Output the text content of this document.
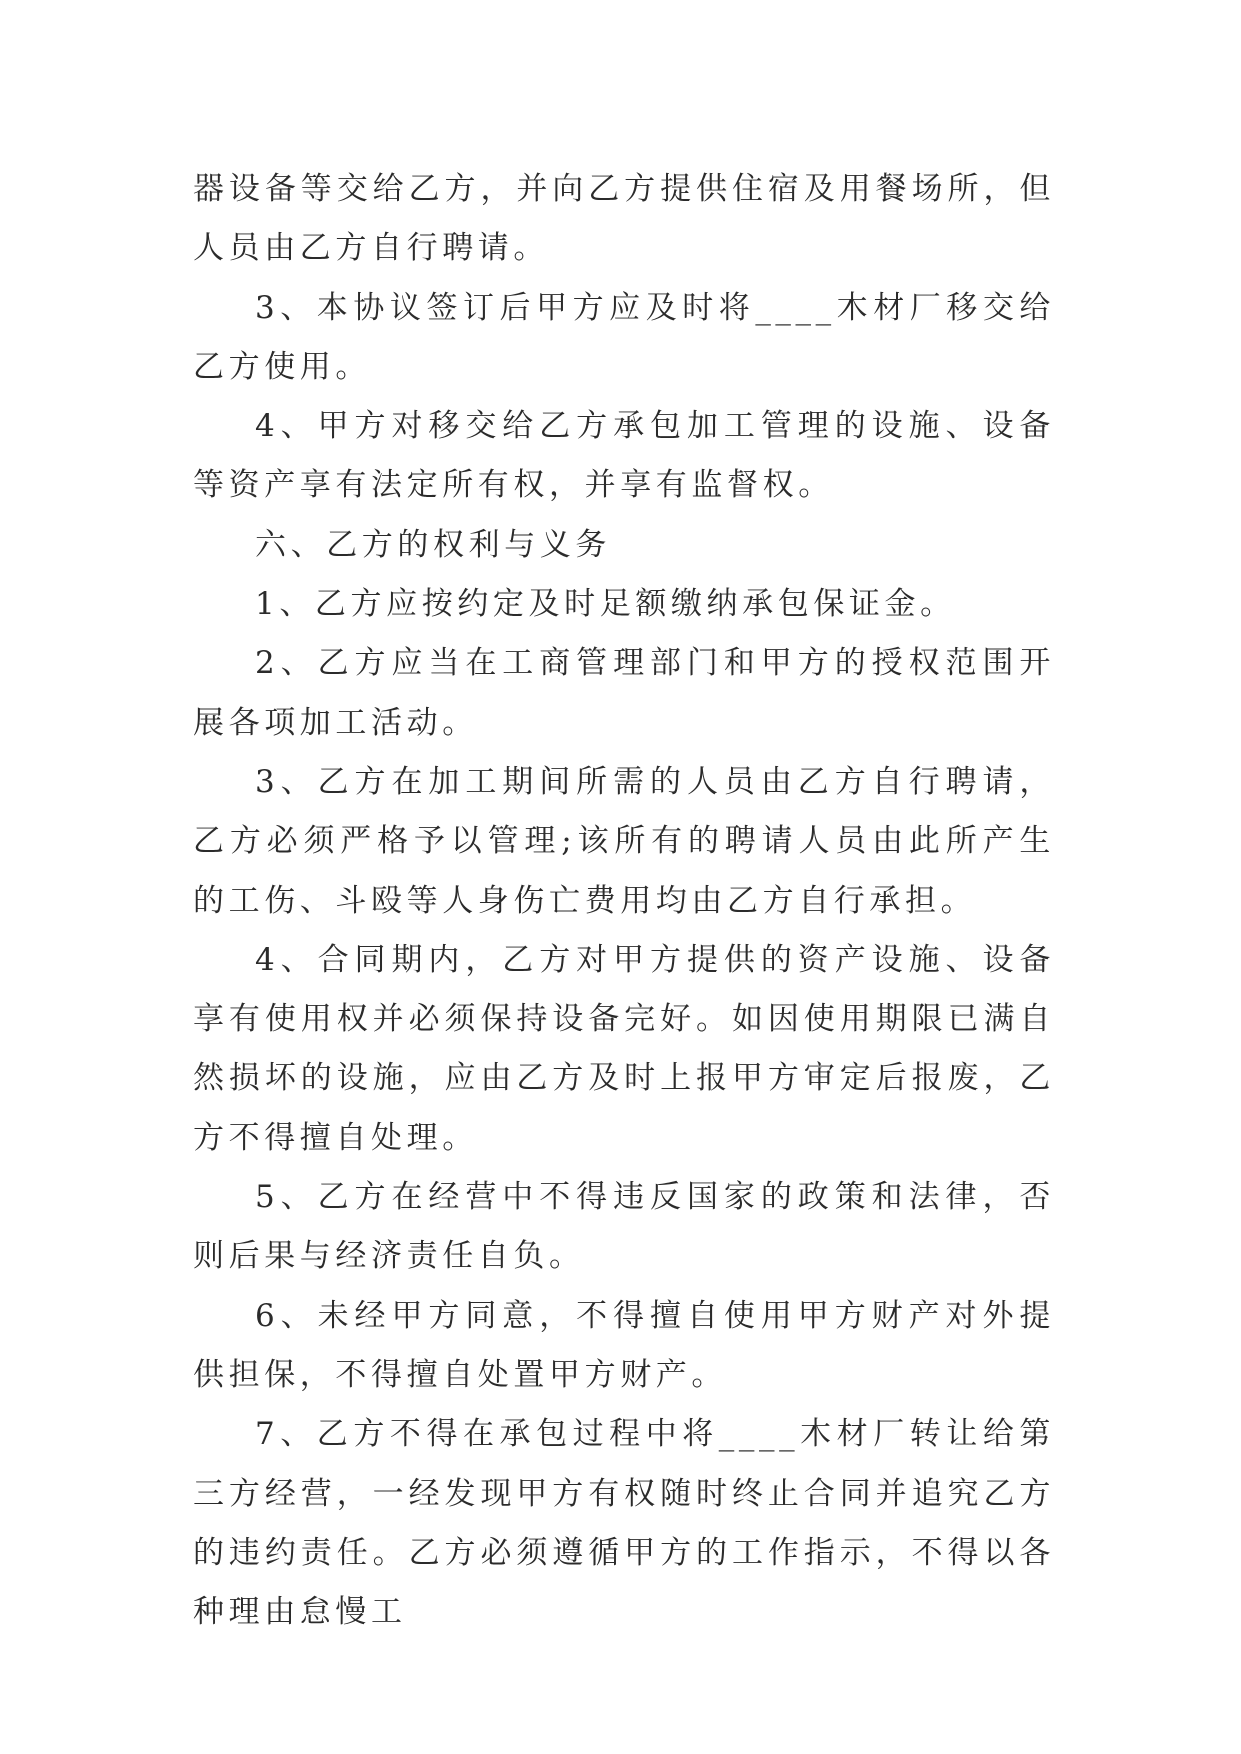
器设备等交给乙方，并向乙方提供住宿及用餐场所，但人员由乙方自行聘请。

3、本协议签订后甲方应及时将____木材厂移交给乙方使用。

4、甲方对移交给乙方承包加工管理的设施、设备等资产享有法定所有权，并享有监督权。

六、乙方的权利与义务

1、乙方应按约定及时足额缴纳承包保证金。

2、乙方应当在工商管理部门和甲方的授权范围开展各项加工活动。

3、乙方在加工期间所需的人员由乙方自行聘请，乙方必须严格予以管理;该所有的聘请人员由此所产生的工伤、斗殴等人身伤亡费用均由乙方自行承担。

4、合同期内，乙方对甲方提供的资产设施、设备享有使用权并必须保持设备完好。如因使用期限已满自然损坏的设施，应由乙方及时上报甲方审定后报废，乙方不得擅自处理。

5、乙方在经营中不得违反国家的政策和法律，否则后果与经济责任自负。

6、未经甲方同意，不得擅自使用甲方财产对外提供担保，不得擅自处置甲方财产。

7、乙方不得在承包过程中将____木材厂转让给第三方经营，一经发现甲方有权随时终止合同并追究乙方的违约责任。乙方必须遵循甲方的工作指示，不得以各种理由怠慢工
